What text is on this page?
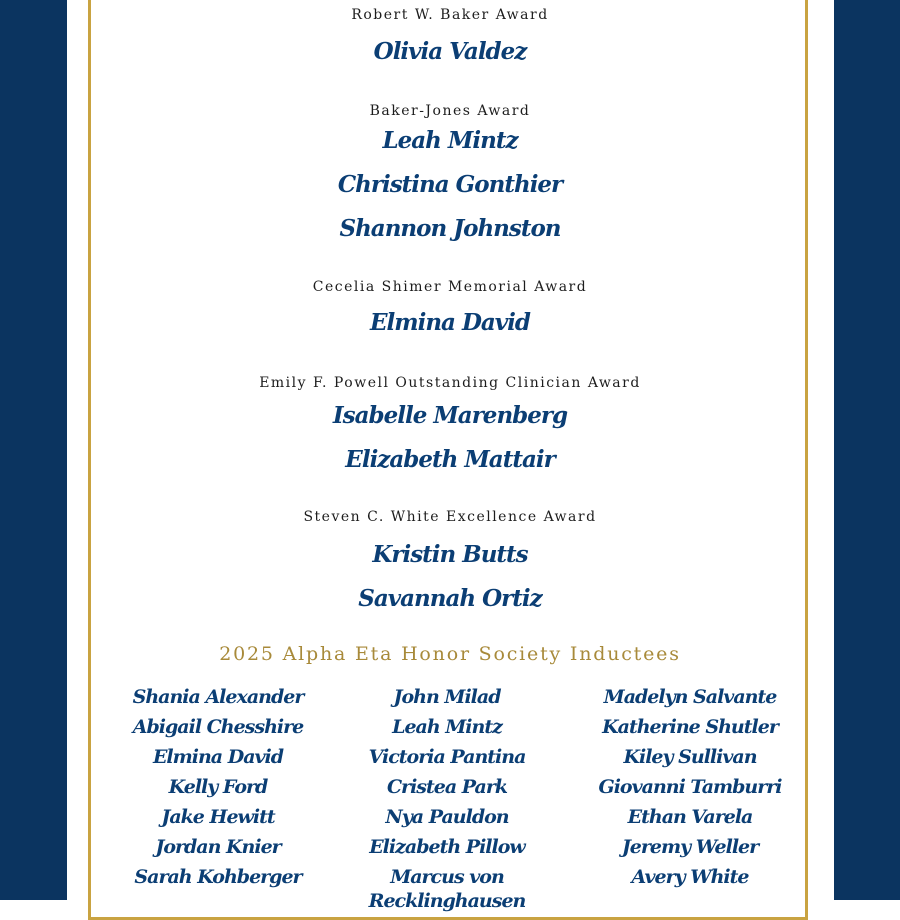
Robert W. Baker Award
Olivia Valdez
Baker-Jones Award
Leah Mintz
Christina Gonthier
Shannon Johnston
Cecelia Shimer Memorial Award
Elmina David
Emily F. Powell Outstanding Clinician Award
Isabelle Marenberg
Elizabeth Mattair
Steven C. White Excellence Award
Kristin Butts
Savannah Ortiz
2025 Alpha Eta Honor Society Inductees
Shania Alexander
Abigail Chesshire
Elmina David
Kelly Ford
Jake Hewitt
Jordan Knier
Sarah Kohberger
John Milad
Leah Mintz
Victoria Pantina
Cristea Park
Nya Pauldon
Elizabeth Pillow
Marcus von Recklinghausen
Madelyn Salvante
Katherine Shutler
Kiley Sullivan
Giovanni Tamburri
Ethan Varela
Jeremy Weller
Avery White
